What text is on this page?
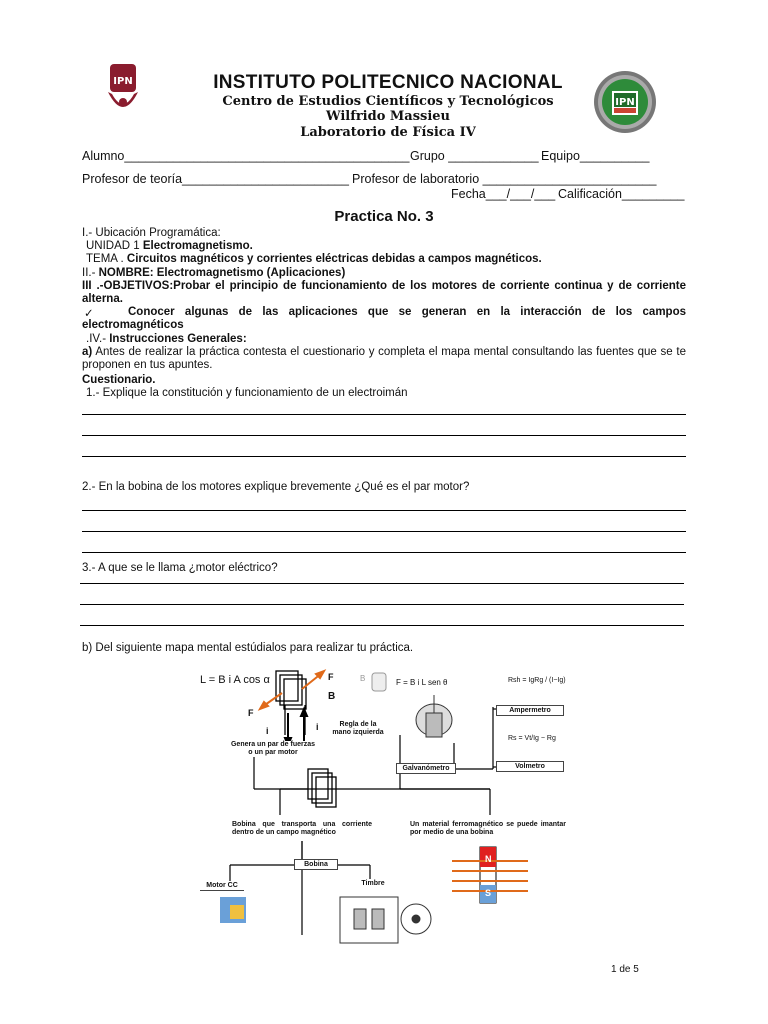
IPN
IPN
INSTITUTO POLITECNICO NACIONAL
Centro de Estudios Científicos y Tecnológicos
Wilfrido Massieu
Laboratorio de Física IV
Alumno_________________________________________ Grupo _____________ Equipo__________
Profesor de teoría________________________ Profesor de laboratorio _________________________
Fecha___/___/___ Calificación_________
Practica No. 3
I.- Ubicación Programática:
UNIDAD 1 Electromagnetismo.
TEMA . Circuitos magnéticos y corrientes eléctricas debidas a campos magnéticos.
II.- NOMBRE: Electromagnetismo (Aplicaciones)
III .-OBJETIVOS:Probar el principio de funcionamiento de los motores de corriente continua y de corriente alterna.
Conocer algunas de las aplicaciones que se generan en la interacción de los campos electromagnéticos
✓
.IV.- Instrucciones Generales:
a) Antes de realizar la práctica contesta el cuestionario y completa el mapa mental consultando las fuentes que se te proponen en tus apuntes.
Cuestionario.
1.- Explique la constitución y funcionamiento de un electroimán
2.- En la bobina de los motores explique brevemente ¿Qué es el par motor?
3.- A que se le llama ¿motor eléctrico?
b) Del siguiente mapa mental estúdialos para realizar tu práctica.
L = B i A cos α	F = B i L sen θ
F
B
F
B
i	i
Genera un par de fuerzas o un par motor
Regla de la mano izquierda
Galvanómetro
Ampermetro
Volmetro
Rsh = IgRg / (I−Ig)
Rs = Vt/Ig − Rg
Bobina que transporta una corriente dentro de un campo magnético
Un material ferromagnético se puede imantar por medio de una bobina
Bobina
Motor CC	Timbre
N
S
1 de 5
